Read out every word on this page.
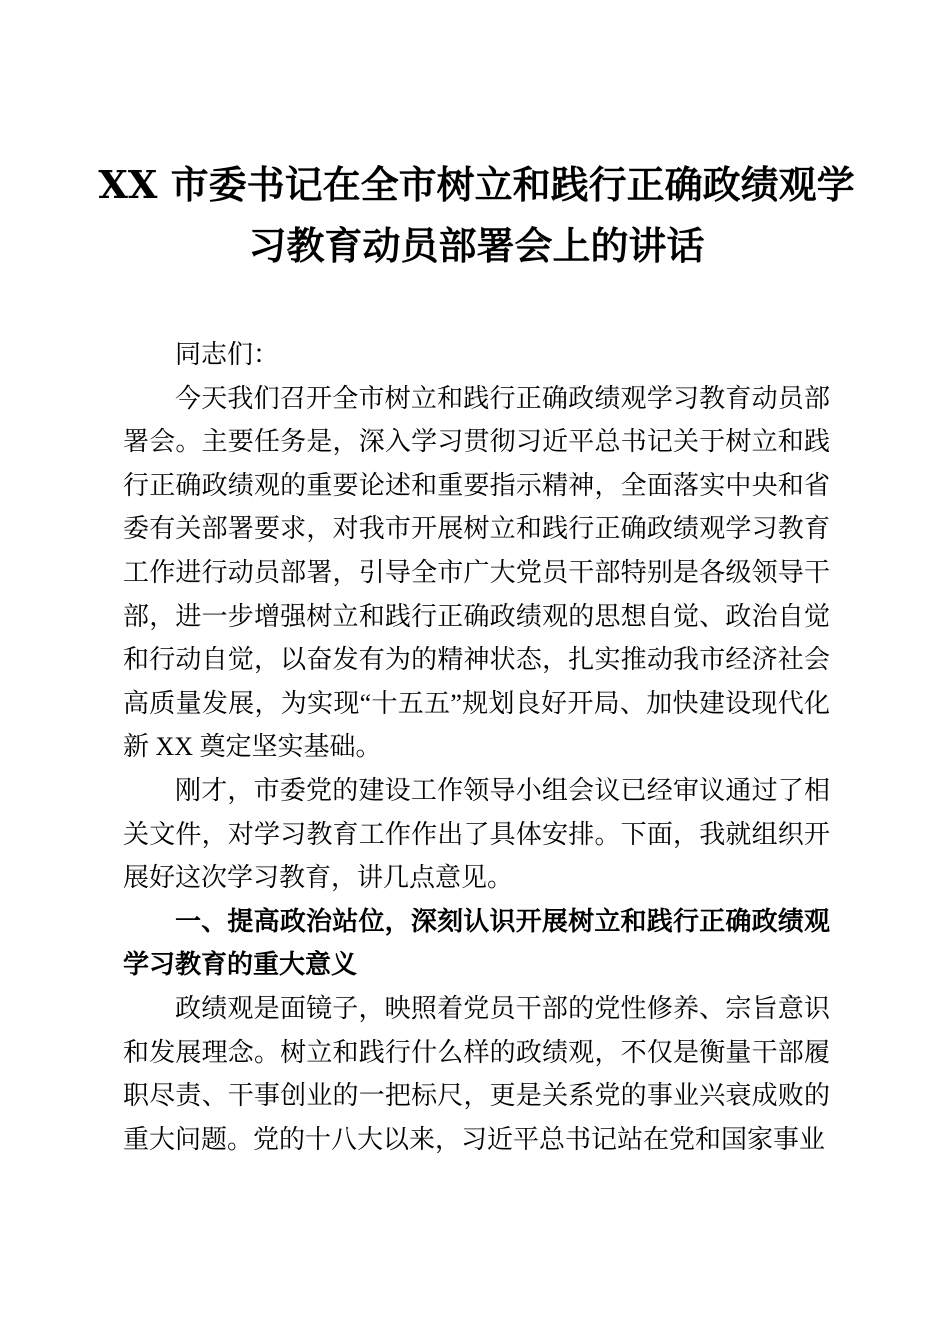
XX 市委书记在全市树立和践行正确政绩观学习教育动员部署会上的讲话

同志们：

今天我们召开全市树立和践行正确政绩观学习教育动员部署会。主要任务是，深入学习贯彻习近平总书记关于树立和践行正确政绩观的重要论述和重要指示精神，全面落实中央和省委有关部署要求，对我市开展树立和践行正确政绩观学习教育工作进行动员部署，引导全市广大党员干部特别是各级领导干部，进一步增强树立和践行正确政绩观的思想自觉、政治自觉和行动自觉，以奋发有为的精神状态，扎实推动我市经济社会高质量发展，为实现“十五五”规划良好开局、加快建设现代化新 XX 奠定坚实基础。

刚才，市委党的建设工作领导小组会议已经审议通过了相关文件，对学习教育工作作出了具体安排。下面，我就组织开展好这次学习教育，讲几点意见。

一、提高政治站位，深刻认识开展树立和践行正确政绩观学习教育的重大意义

政绩观是面镜子，映照着党员干部的党性修养、宗旨意识和发展理念。树立和践行什么样的政绩观，不仅是衡量干部履职尽责、干事创业的一把标尺，更是关系党的事业兴衰成败的重大问题。党的十八大以来，习近平总书记站在党和国家事业
